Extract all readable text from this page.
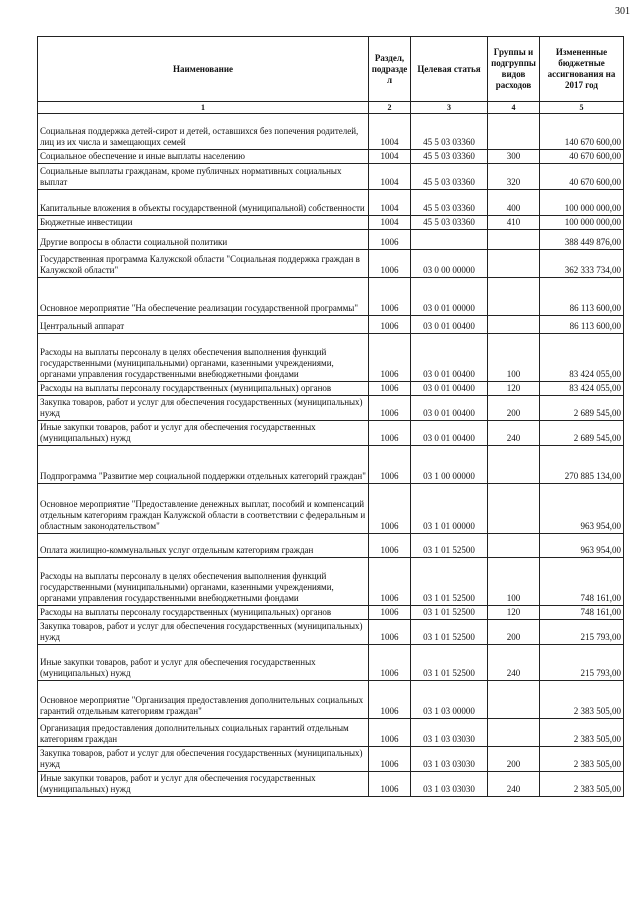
301
Наименование	Раздел, подразде л	Целевая статья	Группы и подгруппы видов расходов	Измененные бюджетные ассигнования на 2017 год
1	2	3	4	5
Социальная поддержка детей-сирот и детей, оставшихся без попечения родителей, лиц из их числа и замещающих семей	1004	45 5 03 03360		140 670 600,00
Социальное обеспечение и иные выплаты населению	1004	45 5 03 03360	300	40 670 600,00
Социальные выплаты гражданам, кроме публичных нормативных социальных выплат	1004	45 5 03 03360	320	40 670 600,00
Капитальные вложения в объекты государственной (муниципальной) собственности	1004	45 5 03 03360	400	100 000 000,00
Бюджетные инвестиции	1004	45 5 03 03360	410	100 000 000,00
Другие вопросы в области социальной политики	1006			388 449 876,00
Государственная программа Калужской области "Социальная поддержка граждан в Калужской области"	1006	03 0 00 00000		362 333 734,00
Основное мероприятие "На обеспечение реализации государственной программы"	1006	03 0 01 00000		86 113 600,00
Центральный аппарат	1006	03 0 01 00400		86 113 600,00
Расходы на выплаты персоналу в целях обеспечения выполнения функций государственными (муниципальными) органами, казенными учреждениями, органами управления государственными внебюджетными фондами	1006	03 0 01 00400	100	83 424 055,00
Расходы на выплаты персоналу государственных (муниципальных) органов	1006	03 0 01 00400	120	83 424 055,00
Закупка товаров, работ и услуг для обеспечения государственных (муниципальных) нужд	1006	03 0 01 00400	200	2 689 545,00
Иные закупки товаров, работ и услуг для обеспечения государственных (муниципальных) нужд	1006	03 0 01 00400	240	2 689 545,00
Подпрограмма "Развитие мер социальной поддержки отдельных категорий граждан"	1006	03 1 00 00000		270 885 134,00
Основное мероприятие "Предоставление денежных выплат, пособий и компенсаций отдельным категориям граждан Калужской области в соответствии с федеральным и областным законодательством"	1006	03 1 01 00000		963 954,00
Оплата жилищно-коммунальных услуг отдельным категориям граждан	1006	03 1 01 52500		963 954,00
Расходы на выплаты персоналу в целях обеспечения выполнения функций государственными (муниципальными) органами, казенными учреждениями, органами управления государственными внебюджетными фондами	1006	03 1 01 52500	100	748 161,00
Расходы на выплаты персоналу государственных (муниципальных) органов	1006	03 1 01 52500	120	748 161,00
Закупка товаров, работ и услуг для обеспечения государственных (муниципальных) нужд	1006	03 1 01 52500	200	215 793,00
Иные закупки товаров, работ и услуг для обеспечения государственных (муниципальных) нужд	1006	03 1 01 52500	240	215 793,00
Основное мероприятие "Организация предоставления дополнительных социальных гарантий отдельным категориям граждан"	1006	03 1 03 00000		2 383 505,00
Организация предоставления дополнительных социальных гарантий отдельным категориям граждан	1006	03 1 03 03030		2 383 505,00
Закупка товаров, работ и услуг для обеспечения государственных (муниципальных) нужд	1006	03 1 03 03030	200	2 383 505,00
Иные закупки товаров, работ и услуг для обеспечения государственных (муниципальных) нужд	1006	03 1 03 03030	240	2 383 505,00
